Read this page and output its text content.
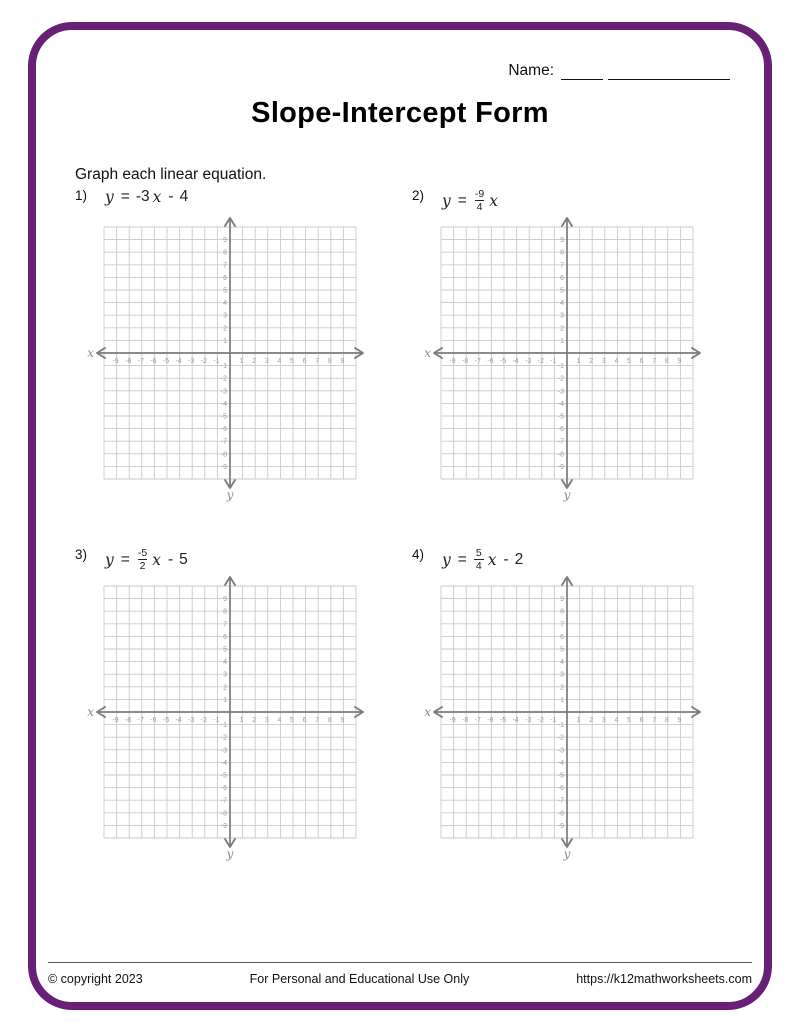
Name:
Slope-Intercept Form
Graph each linear equation.
1) y = -3 x - 4
-9 -8 -7 -6 -5 -4 -3 -2 -1	1 2 3 4 5 6 7 8 9
9
8
7
6
5
4
3
2
1
-1
-2
-3
-4
-5
-6
-7
-8
-9
x
y
2) $y = \frac{-9}{4}$ x
-9 -8 -7 -6 -5 -4 -3 -2 -1	1 2 3 4 5 6 7 8 9
9
8
7
6
5
4
3
2
1
-1
-2
-3
-4
-5
-6
-7
-8
-9
x
y
3) $y = \frac{-5}{2}$ x - 5
-9 -8 -7 -6 -5 -4 -3 -2 -1	1 2 3 4 5 6 7 8 9
9
8
7
6
5
4
3
2
1
-1
-2
-3
-4
-5
-6
-7
-8
-9
x
y
4) $y = \frac{5}{4}$ x - 2
-9 -8 -7 -6 -5 -4 -3 -2 -1	1 2 3 4 5 6 7 8 9
9
8
7
6
5
4
3
2
1
-1
-2
-3
-4
-5
-6
-7
-8
-9
x
y
© copyright 2023	For Personal and Educational Use Only	https://k12mathworksheets.com
